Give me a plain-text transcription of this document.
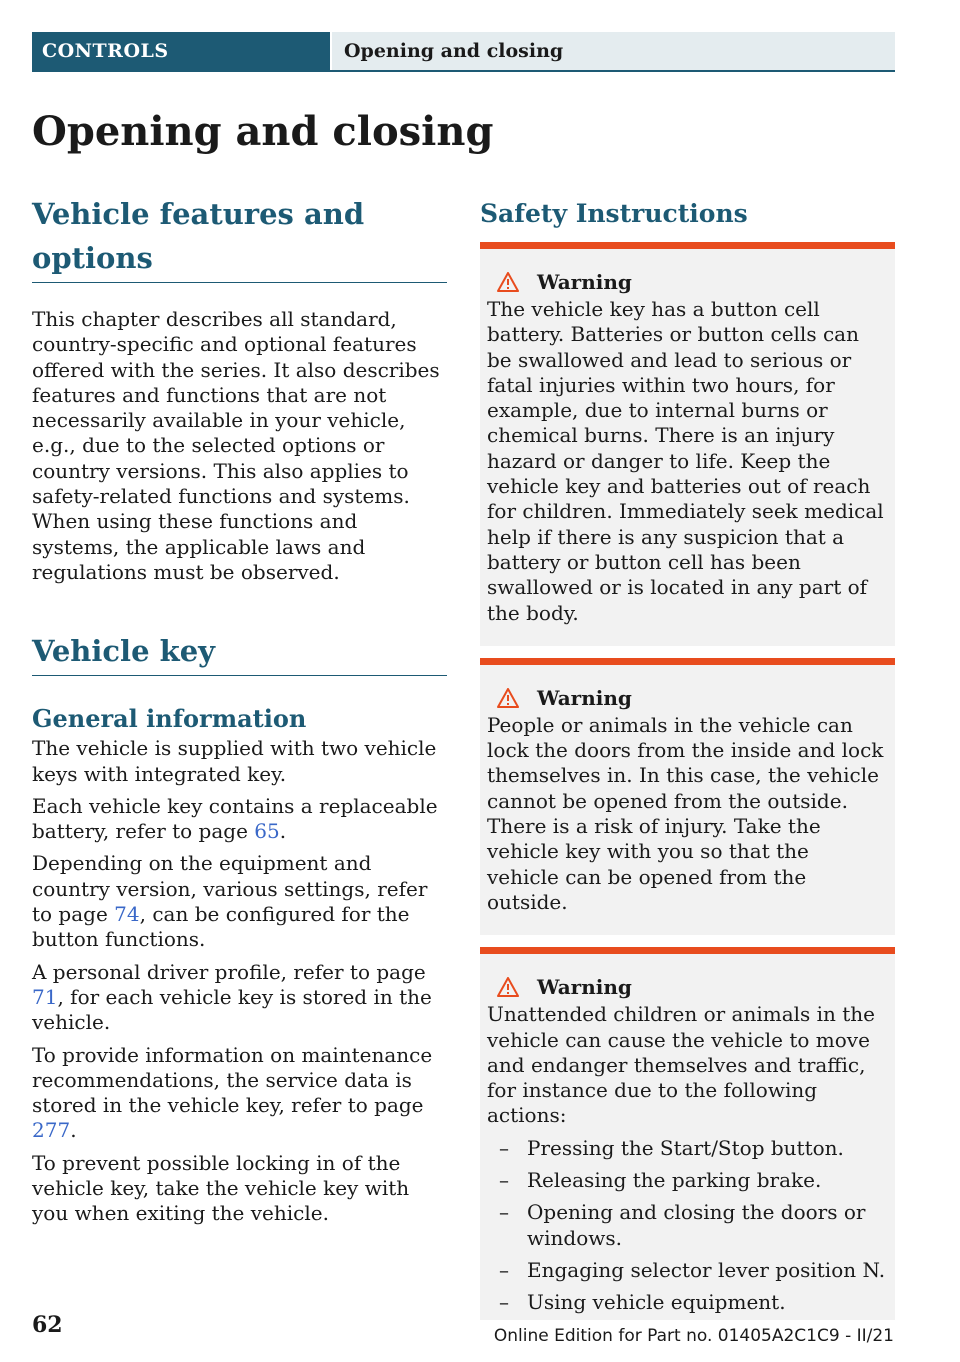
CONTROLS	Opening and closing
Opening and closing
Vehicle features and options

This chapter describes all standard, country-specific and optional features offered with the series. It also describes features and functions that are not necessarily available in your vehicle, e.g., due to the selected options or country versions. This also applies to safety-related functions and systems. When using these functions and systems, the applicable laws and regulations must be observed.

Vehicle key
General information

The vehicle is supplied with two vehicle keys with integrated key.

Each vehicle key contains a replaceable battery, refer to page 65.

Depending on the equipment and country version, various settings, refer to page 74, can be configured for the button functions.

A personal driver profile, refer to page 71, for each vehicle key is stored in the vehicle.

To provide information on maintenance recommendations, the service data is stored in the vehicle key, refer to page 277.

To prevent possible locking in of the vehicle key, take the vehicle key with you when exiting the vehicle.

Safety Instructions
Warning

The vehicle key has a button cell battery. Batteries or button cells can be swallowed and lead to serious or fatal injuries within two hours, for example, due to internal burns or chemical burns. There is an injury hazard or danger to life. Keep the vehicle key and batteries out of reach for children. Immediately seek medical help if there is any suspicion that a battery or button cell has been swallowed or is located in any part of the body.

Warning

People or animals in the vehicle can lock the doors from the inside and lock themselves in. In this case, the vehicle cannot be opened from the outside. There is a risk of injury. Take the vehicle key with you so that the vehicle can be opened from the outside.

Warning

Unattended children or animals in the vehicle can cause the vehicle to move and endanger themselves and traffic, for instance due to the following actions:

– Pressing the Start/Stop button.
– Releasing the parking brake.
– Opening and closing the doors or windows.
– Engaging selector lever position N.
– Using vehicle equipment.
62	Online Edition for Part no. 01405A2C1C9 - II/21
